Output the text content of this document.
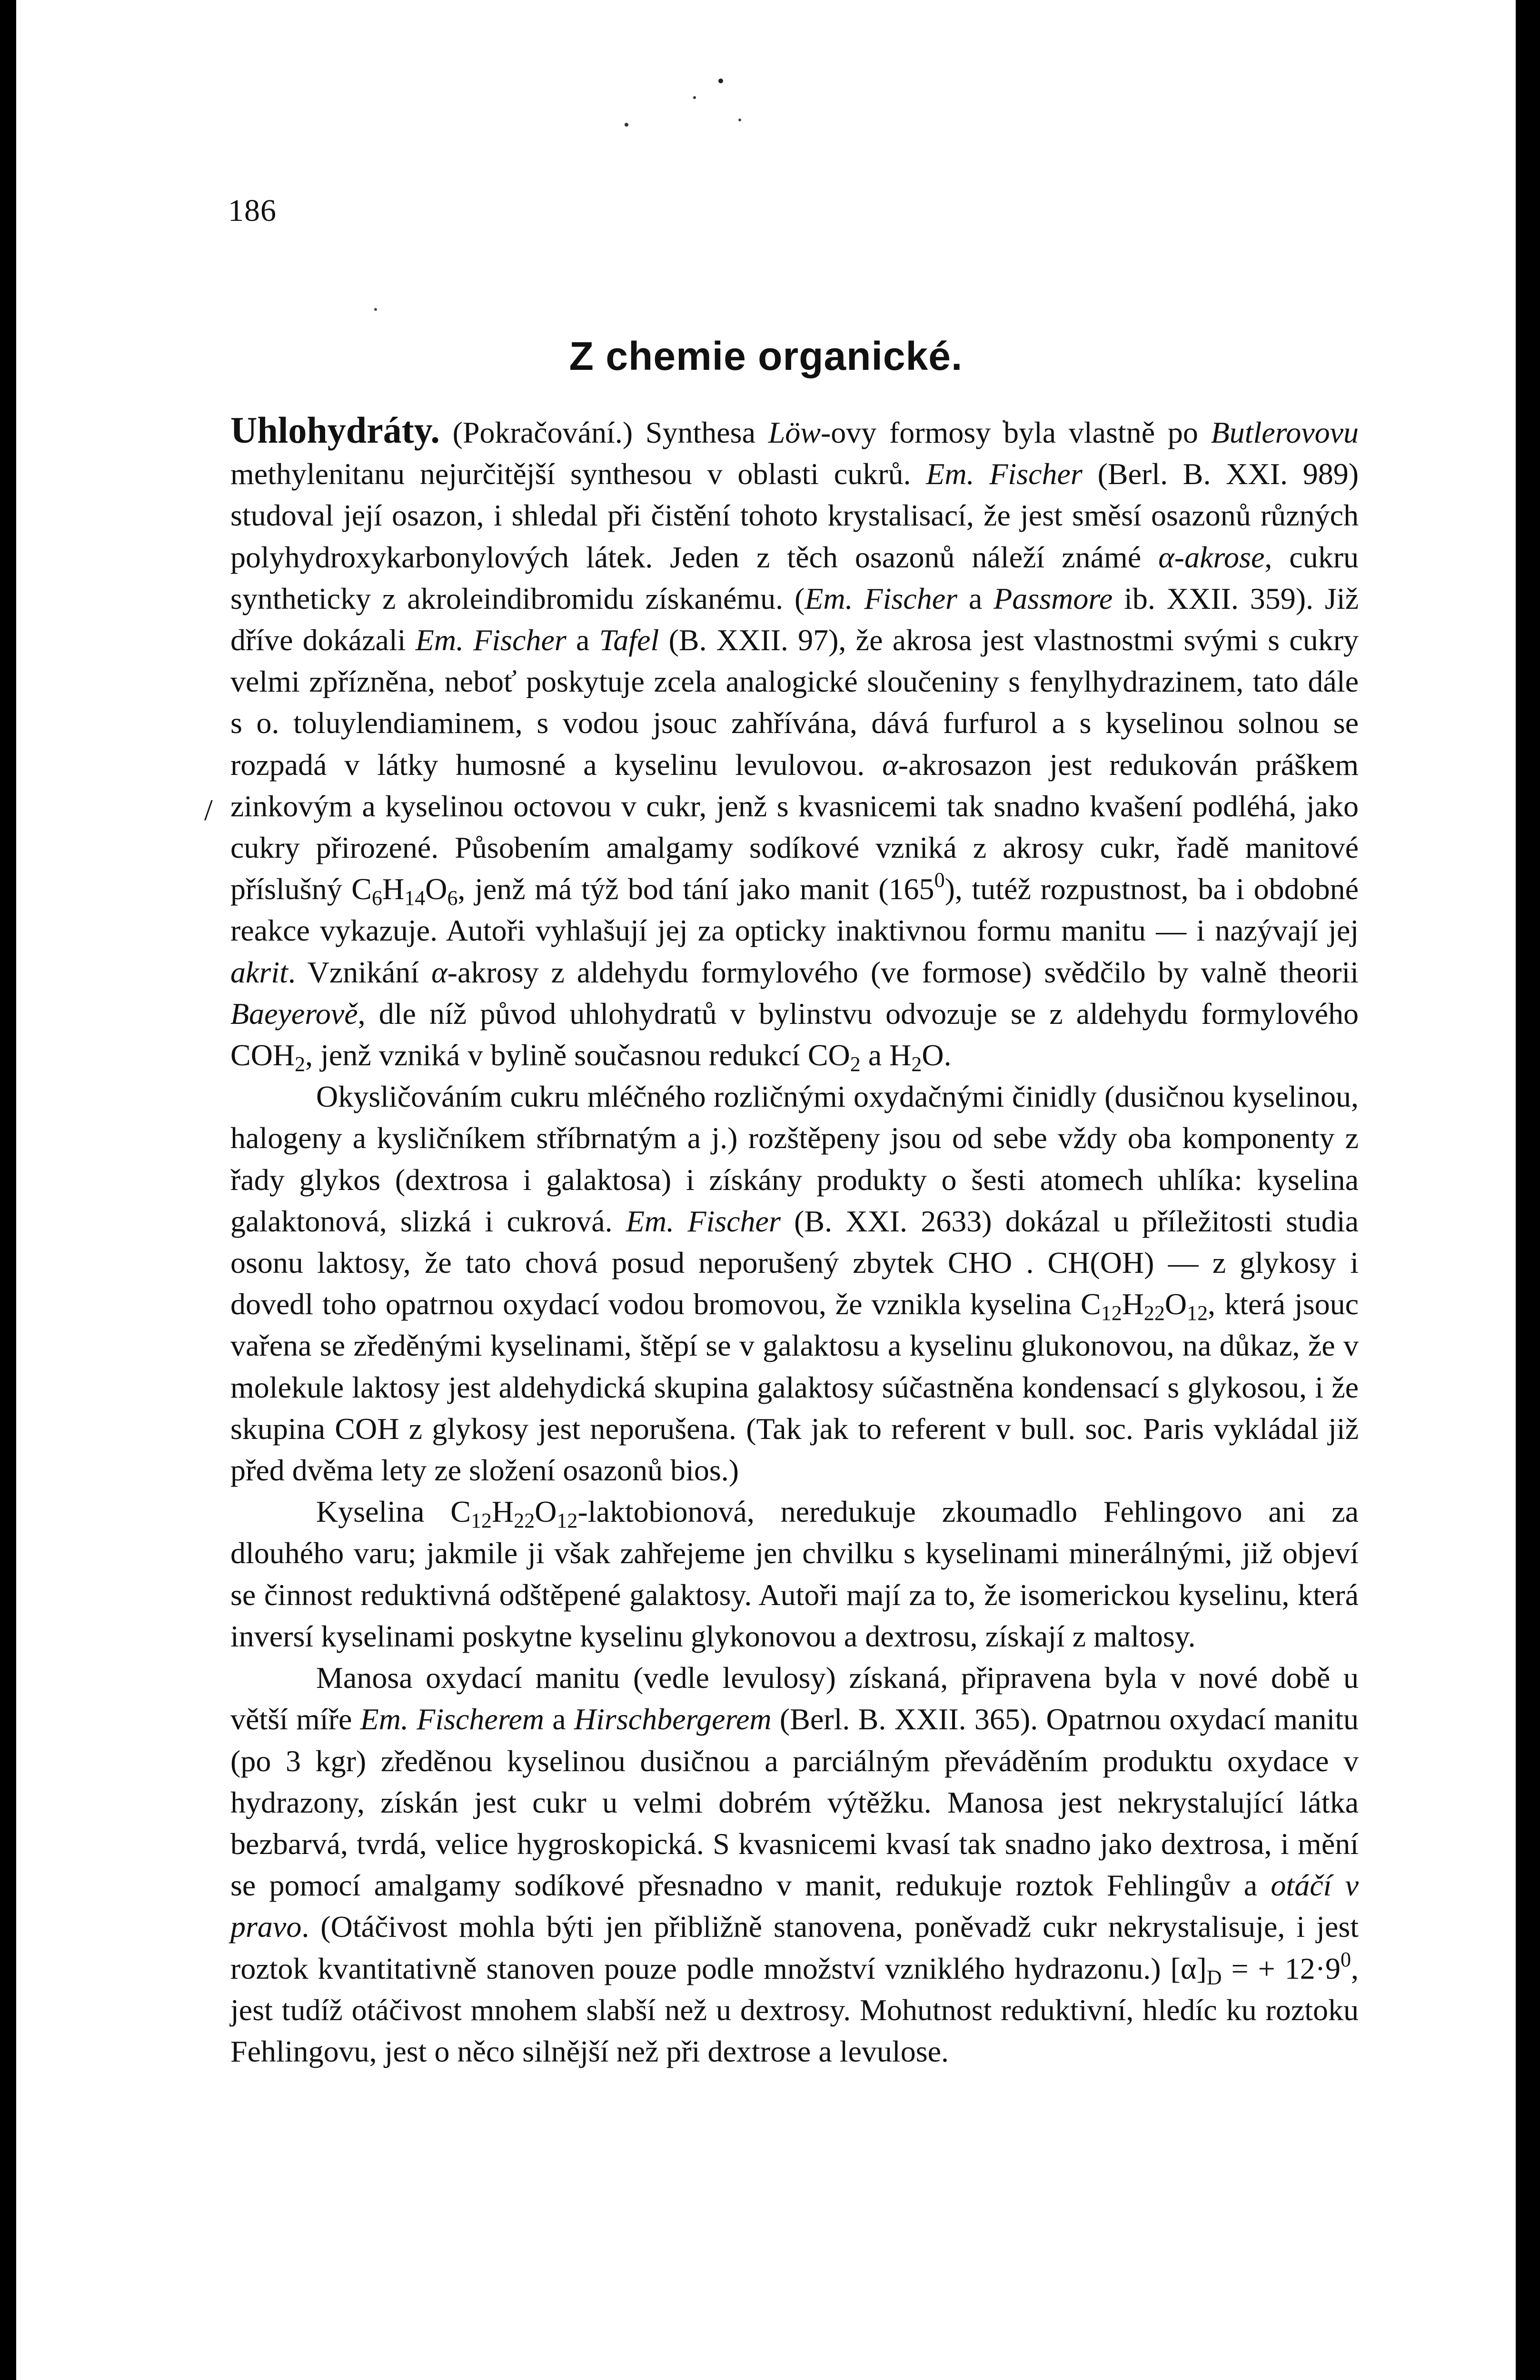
186
Z chemie organické.
/

Uhlohydráty. (Pokračování.) Synthesa Löw-ovy formosy byla vlastně po Butlerovovu methylenitanu nejurčitější synthesou v oblasti cukrů. Em. Fischer (Berl. B. XXI. 989) studoval její osazon, i shledal při čistění tohoto krystalisací, že jest směsí osazonů různých polyhydroxykarbonylových látek. Jeden z těch osazonů náleží známé α-akrose, cukru syntheticky z akroleindibromidu získanému. (Em. Fischer a Passmore ib. XXII. 359). Již dříve dokázali Em. Fischer a Tafel (B. XXII. 97), že akrosa jest vlastnostmi svými s cukry velmi zpřízněna, neboť poskytuje zcela analogické sloučeniny s fenylhydrazinem, tato dále s o. toluylendiaminem, s vodou jsouc zahřívána, dává furfurol a s kyselinou solnou se rozpadá v látky humosné a kyselinu levulovou. α-akrosazon jest redukován práškem zinkovým a kyselinou octovou v cukr, jenž s kvasnicemi tak snadno kvašení podléhá, jako cukry přirozené. Působením amalgamy sodíkové vzniká z akrosy cukr, řadě manitové příslušný $C_6H_{14}O_6$, jenž má týž bod tání jako manit $(165^0)$, tutéž rozpustnost, ba i obdobné reakce vykazuje. Autoři vyhlašují jej za opticky inaktivnou formu manitu — i nazývají jej akrit. Vznikání α-akrosy z aldehydu formylového (ve formose) svědčilo by valně theorii Baeyerově, dle níž původ uhlohydratů v bylinstvu odvozuje se z aldehydu formylového $COH_2$, jenž vzniká v bylině současnou redukcí $CO_2$ a $H_2O$.

Okysličováním cukru mléčného rozličnými oxydačnými činidly (dusičnou kyselinou, halogeny a kysličníkem stříbrnatým a j.) rozštěpeny jsou od sebe vždy oba komponenty z řady glykos (dextrosa i galaktosa) i získány produkty o šesti atomech uhlíka: kyselina galaktonová, slizká i cukrová. Em. Fischer (B. XXI. 2633) dokázal u příležitosti studia osonu laktosy, že tato chová posud neporušený zbytek CHO . CH(OH) — z glykosy i dovedl toho opatrnou oxydací vodou bromovou, že vznikla kyselina $C_{12}H_{22}O_{12}$, která jsouc vařena se zředěnými kyselinami, štěpí se v galaktosu a kyselinu glukonovou, na důkaz, že v molekule laktosy jest aldehydická skupina galaktosy súčastněna kondensací s glykosou, i že skupina COH z glykosy jest neporušena. (Tak jak to referent v bull. soc. Paris vykládal již před dvěma lety ze složení osazonů bios.)

Kyselina $C_{12}H_{22}O_{12}$-laktobionová, neredukuje zkoumadlo Fehlingovo ani za dlouhého varu; jakmile ji však zahřejeme jen chvilku s kyselinami minerálnými, již objeví se činnost reduktivná odštěpené galaktosy. Autoři mají za to, že isomerickou kyselinu, která inversí kyselinami poskytne kyselinu glykonovou a dextrosu, získají z maltosy.

Manosa oxydací manitu (vedle levulosy) získaná, připravena byla v nové době u větší míře Em. Fischerem a Hirschbergerem (Berl. B. XXII. 365). Opatrnou oxydací manitu (po 3 kgr) zředěnou kyselinou dusičnou a parciálným převáděním produktu oxydace v hydrazony, získán jest cukr u velmi dobrém výtěžku. Manosa jest nekrystalující látka bezbarvá, tvrdá, velice hygroskopická. S kvasnicemi kvasí tak snadno jako dextrosa, i mění se pomocí amalgamy sodíkové přesnadno v manit, redukuje roztok Fehlingův a otáčí v pravo. (Otáčivost mohla býti jen přibližně stanovena, poněvadž cukr nekrystalisuje, i jest roztok kvantitativně stanoven pouze podle množství vzniklého hydrazonu.) $[\alpha]_D$ = + $12\cdot 9^0$, jest tudíž otáčivost mnohem slabší než u dextrosy. Mohutnost reduktivní, hledíc ku roztoku Fehlingovu, jest o něco silnější než při dextrose a levulose.
